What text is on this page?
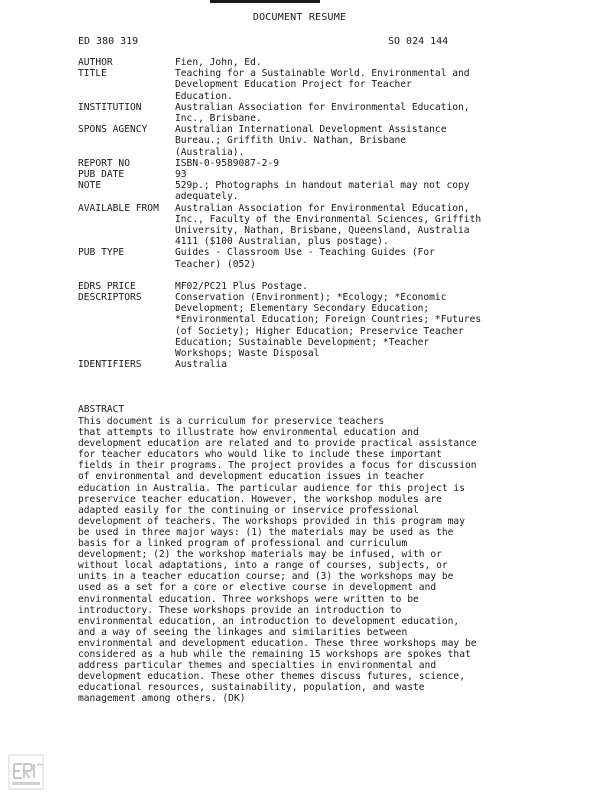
DOCUMENT RESUME
ED 380 319	SO 024 144
AUTHOR	Fien, John, Ed.
TITLE	Teaching for a Sustainable World. Environmental and
Development Education Project for Teacher
Education.
INSTITUTION	Australian Association for Environmental Education,
Inc., Brisbane.
SPONS AGENCY	Australian International Development Assistance
Bureau.; Griffith Univ. Nathan, Brisbane
(Australia).
REPORT NO	ISBN-0-9589087-2-9
PUB DATE	93
NOTE	529p.; Photographs in handout material may not copy
adequately.
AVAILABLE FROM	Australian Association for Environmental Education,
Inc., Faculty of the Environmental Sciences, Griffith
University, Nathan, Brisbane, Queensland, Australia
4111 ($100 Australian, plus postage).
PUB TYPE	Guides - Classroom Use - Teaching Guides (For
Teacher) (052)
EDRS PRICE	MF02/PC21 Plus Postage.
DESCRIPTORS	Conservation (Environment); *Ecology; *Economic
Development; Elementary Secondary Education;
*Environmental Education; Foreign Countries; *Futures
(of Society); Higher Education; Preservice Teacher
Education; Sustainable Development; *Teacher
Workshops; Waste Disposal
IDENTIFIERS	Australia
ABSTRACT
This document is a curriculum for preservice teachers
that attempts to illustrate how environmental education and
development education are related and to provide practical assistance
for teacher educators who would like to include these important
fields in their programs. The project provides a focus for discussion
of environmental and development education issues in teacher
education in Australia. The particular audience for this project is
preservice teacher education. However, the workshop modules are
adapted easily for the continuing or inservice professional
development of teachers. The workshops provided in this program may
be used in three major ways: (1) the materials may be used as the
basis for a linked program of professional and curriculum
development; (2) the workshop materials may be infused, with or
without local adaptations, into a range of courses, subjects, or
units in a teacher education course; and (3) the workshops may be
used as a set for a core or elective course in development and
environmental education. Three workshops were written to be
introductory. These workshops provide an introduction to
environmental education, an introduction to development education,
and a way of seeing the linkages and similarities between
environmental and development education. These three workshops may be
considered as a hub while the remaining 15 workshops are spokes that
address particular themes and specialties in environmental and
development education. These other themes discuss futures, science,
educational resources, sustainability, population, and waste
management among others. (DK)
